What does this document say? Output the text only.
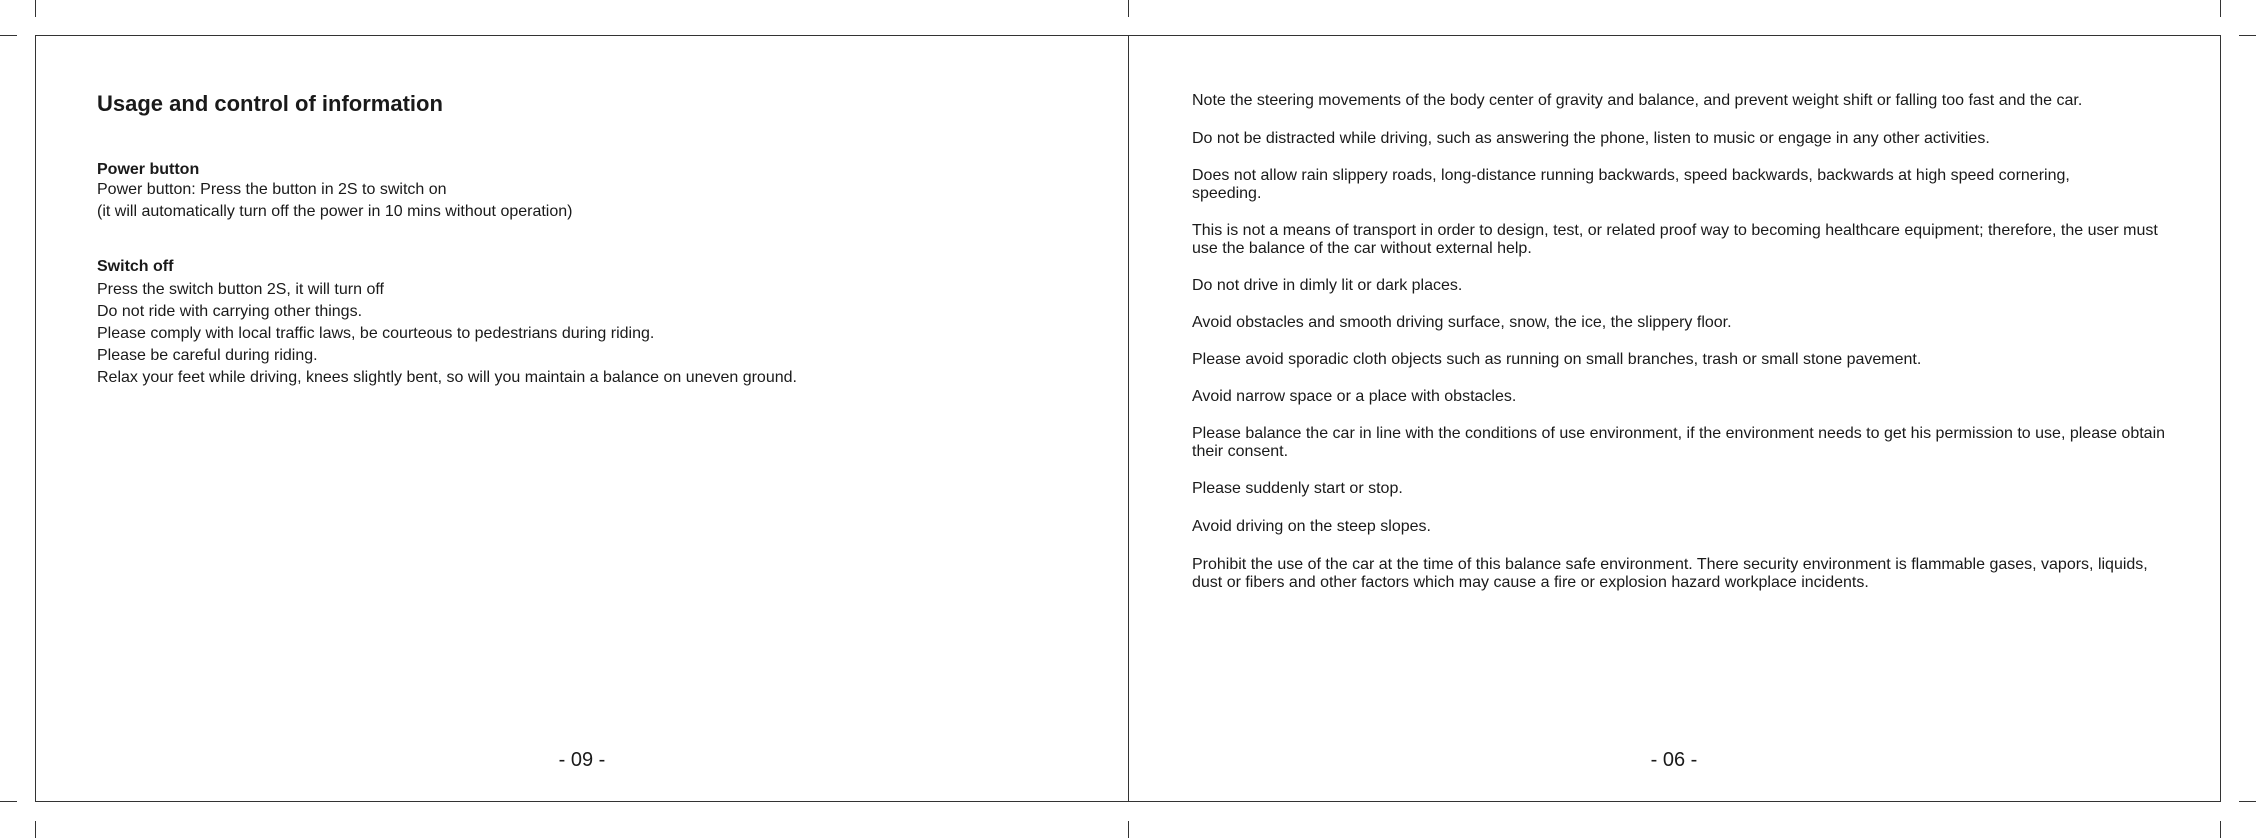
Usage and control of information

Power button

Power button: Press the button in 2S to switch on

(it will automatically turn off the power in 10 mins without operation)

Switch off

Press the switch button 2S, it will turn off

Do not ride with carrying other things.

Please comply with local traffic laws, be courteous to pedestrians during riding.

Please be careful during riding.

Relax your feet while driving, knees slightly bent, so will you maintain a balance on uneven ground.

- 09 -

Note the steering movements of the body center of gravity and balance, and prevent weight shift or falling too fast and the car.

Do not be distracted while driving, such as answering the phone, listen to music or engage in any other activities.

Does not allow rain slippery roads, long-distance running backwards, speed backwards, backwards at high speed cornering,
speeding.

This is not a means of transport in order to design, test, or related proof way to becoming healthcare equipment; therefore, the user must use the balance of the car without external help.

Do not drive in dimly lit or dark places.

Avoid obstacles and smooth driving surface, snow, the ice, the slippery floor.

Please avoid sporadic cloth objects such as running on small branches, trash or small stone pavement.

Avoid narrow space or a place with obstacles.

Please balance the car in line with the conditions of use environment, if the environment needs to get his permission to use, please obtain their consent.

Please suddenly start or stop.

Avoid driving on the steep slopes.

Prohibit the use of the car at the time of this balance safe environment. There security environment is flammable gases, vapors, liquids, dust or fibers and other factors which may cause a fire or explosion hazard workplace incidents.

- 06 -
